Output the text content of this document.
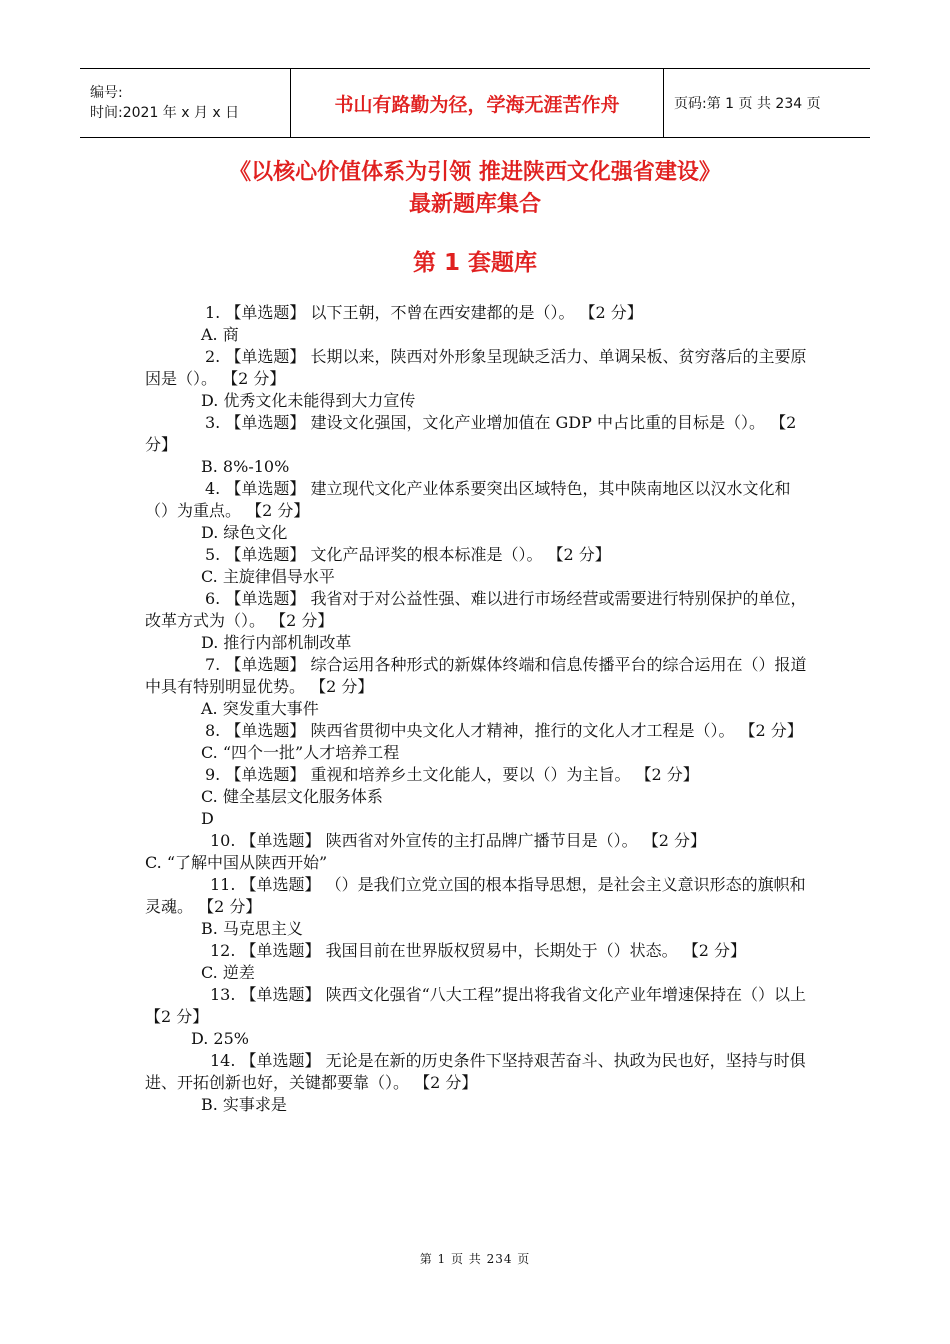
编号:
时间:2021 年 x 月 x 日	书山有路勤为径，学海无涯苦作舟	页码:第 1 页 共 234 页
《以核心价值体系为引领 推进陕西文化强省建设》
最新题库集合
第 1 套题库

1. 【单选题】 以下王朝，不曾在西安建都的是（）。 【2 分】

A. 商

2. 【单选题】 长期以来，陕西对外形象呈现缺乏活力、单调呆板、贫穷落后的主要原因是（）。 【2 分】

D. 优秀文化未能得到大力宣传

3. 【单选题】 建设文化强国，文化产业增加值在 GDP 中占比重的目标是（）。 【2 分】

B. 8%-10%

4. 【单选题】 建立现代文化产业体系要突出区域特色，其中陕南地区以汉水文化和（）为重点。 【2 分】

D. 绿色文化

5. 【单选题】 文化产品评奖的根本标准是（）。 【2 分】

C. 主旋律倡导水平

6. 【单选题】 我省对于对公益性强、难以进行市场经营或需要进行特别保护的单位，改革方式为（）。 【2 分】

D. 推行内部机制改革

7. 【单选题】 综合运用各种形式的新媒体终端和信息传播平台的综合运用在（）报道中具有特别明显优势。 【2 分】

A. 突发重大事件

8. 【单选题】 陕西省贯彻中央文化人才精神，推行的文化人才工程是（）。 【2 分】

C. “四个一批”人才培养工程

9. 【单选题】 重视和培养乡土文化能人，要以（）为主旨。 【2 分】

C. 健全基层文化服务体系

D

10. 【单选题】 陕西省对外宣传的主打品牌广播节目是（）。 【2 分】

C. “了解中国从陕西开始”

11. 【单选题】 （）是我们立党立国的根本指导思想，是社会主义意识形态的旗帜和灵魂。 【2 分】

B. 马克思主义

12. 【单选题】 我国目前在世界版权贸易中，长期处于（）状态。 【2 分】

C. 逆差

13. 【单选题】 陕西文化强省“八大工程”提出将我省文化产业年增速保持在（）以上 【2 分】

D. 25%

14. 【单选题】 无论是在新的历史条件下坚持艰苦奋斗、执政为民也好，坚持与时俱进、开拓创新也好，关键都要靠（）。 【2 分】

B. 实事求是

第 1 页 共 234 页
